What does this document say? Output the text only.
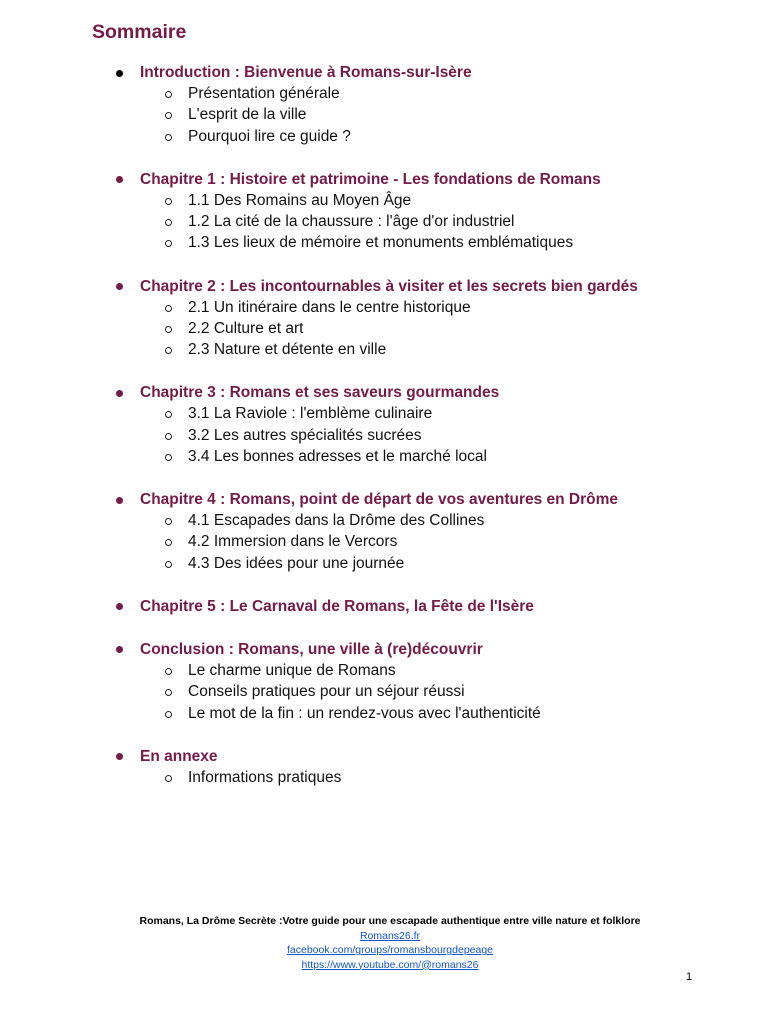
Sommaire
Introduction : Bienvenue à Romans-sur-Isère
Présentation générale
L'esprit de la ville
Pourquoi lire ce guide ?
Chapitre 1 : Histoire et patrimoine - Les fondations de Romans
1.1 Des Romains au Moyen Âge
1.2 La cité de la chaussure : l'âge d'or industriel
1.3 Les lieux de mémoire et monuments emblématiques
Chapitre 2 : Les incontournables à visiter et les secrets bien gardés
2.1 Un itinéraire dans le centre historique
2.2 Culture et art
2.3 Nature et détente en ville
Chapitre 3 : Romans et ses saveurs gourmandes
3.1 La Raviole : l'emblème culinaire
3.2 Les autres spécialités sucrées
3.4 Les bonnes adresses et le marché local
Chapitre 4 : Romans, point de départ de vos aventures en Drôme
4.1 Escapades dans la Drôme des Collines
4.2 Immersion dans le Vercors
4.3 Des idées pour une journée
Chapitre 5 : Le Carnaval de Romans, la Fête de l'Isère
Conclusion : Romans, une ville à (re)découvrir
Le charme unique de Romans
Conseils pratiques pour un séjour réussi
Le mot de la fin : un rendez-vous avec l'authenticité
En annexe
Informations pratiques
Romans, La Drôme Secrète :Votre guide pour une escapade authentique entre ville nature et folklore
Romans26.fr
facebook.com/groups/romansbourgdepeage
https://www.youtube.com/@romans26
1
